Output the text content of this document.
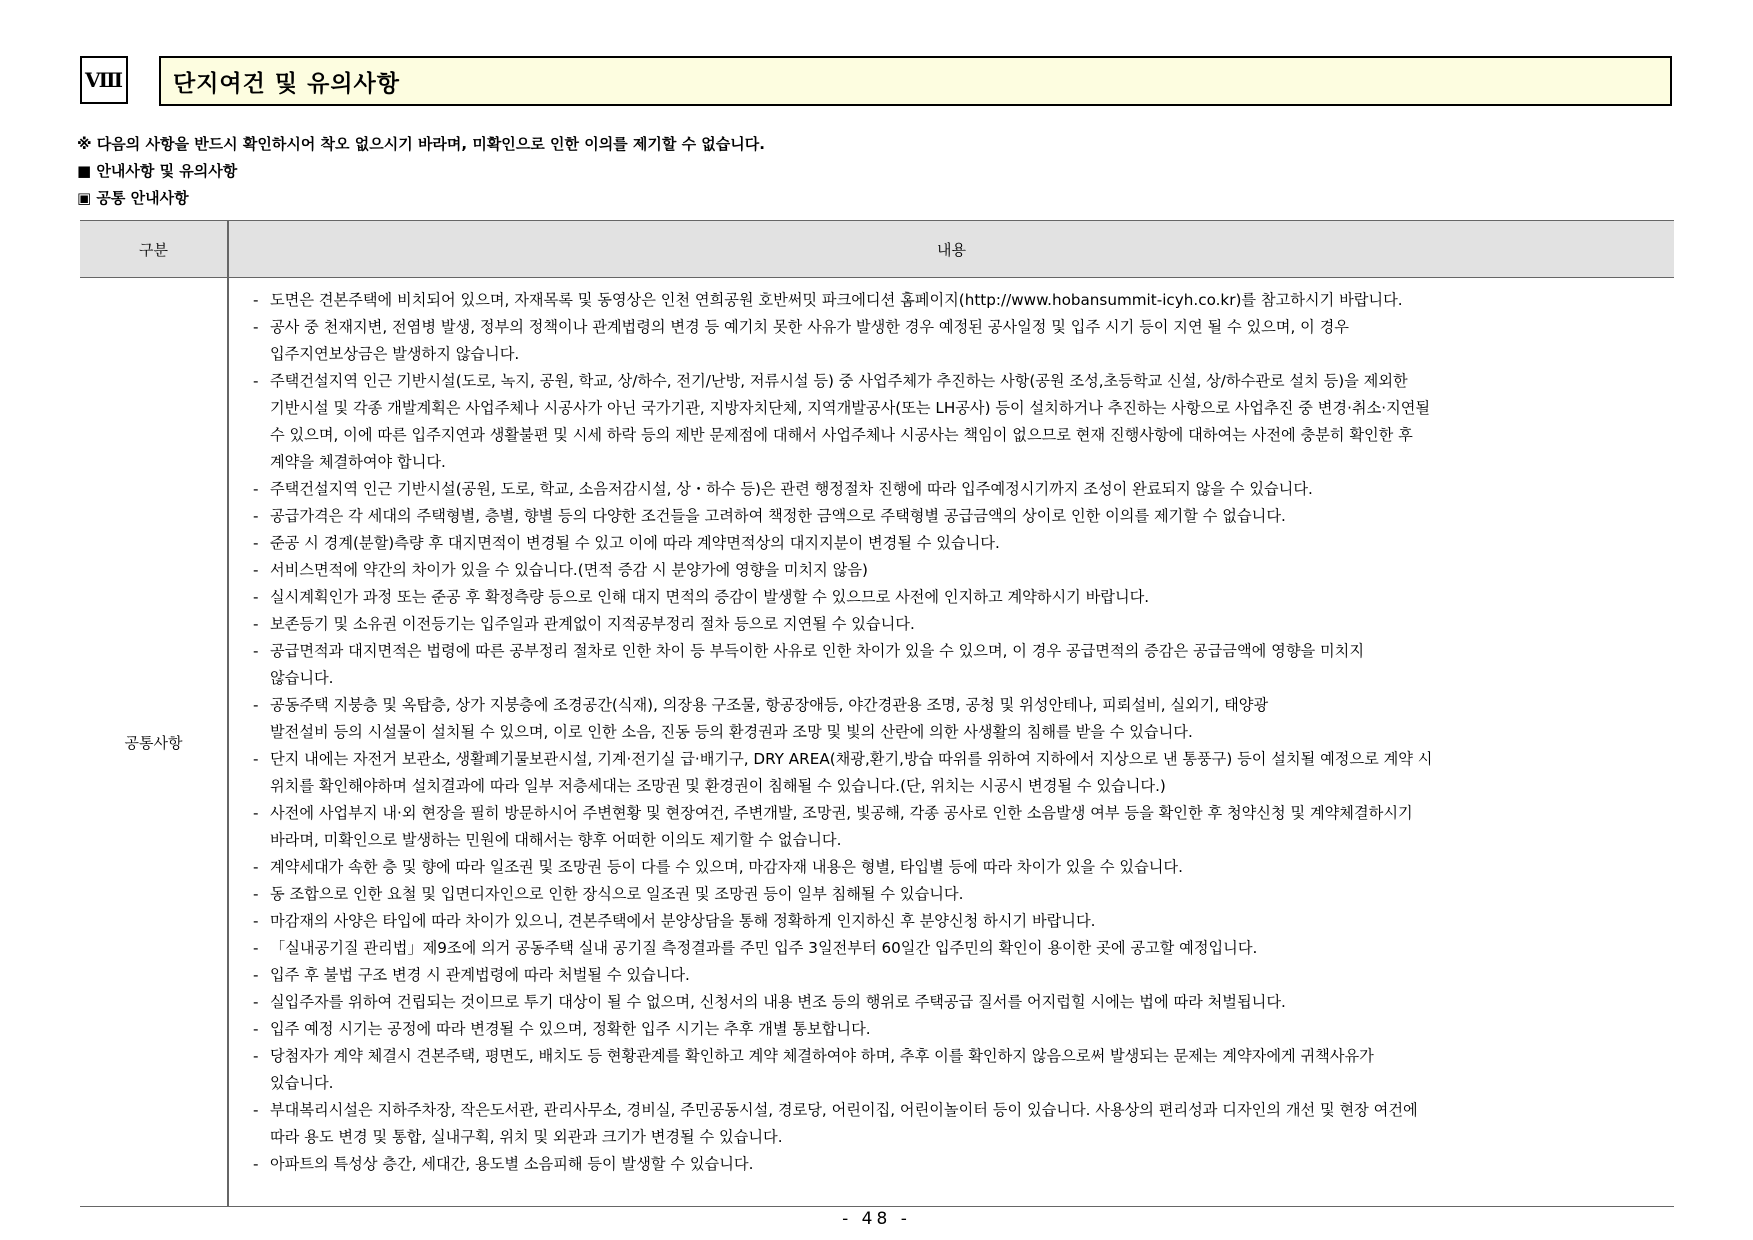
Ⅷ	단지여건 및 유의사항
※ 다음의 사항을 반드시 확인하시어 착오 없으시기 바라며, 미확인으로 인한 이의를 제기할 수 없습니다.
■ 안내사항 및 유의사항
▣ 공통 안내사항
구분	내용
공통사항
- 도면은 견본주택에 비치되어 있으며, 자재목록 및 동영상은 인천 연희공원 호반써밋 파크에디션 홈페이지(http://www.hobansummit-icyh.co.kr)를 참고하시기 바랍니다.
- 공사 중 천재지변, 전염병 발생, 정부의 정책이나 관계법령의 변경 등 예기치 못한 사유가 발생한 경우 예정된 공사일정 및 입주 시기 등이 지연 될 수 있으며, 이 경우
입주지연보상금은 발생하지 않습니다.
- 주택건설지역 인근 기반시설(도로, 녹지, 공원, 학교, 상/하수, 전기/난방, 저류시설 등) 중 사업주체가 추진하는 사항(공원 조성,초등학교 신설, 상/하수관로 설치 등)을 제외한
기반시설 및 각종 개발계획은 사업주체나 시공사가 아닌 국가기관, 지방자치단체, 지역개발공사(또는 LH공사) 등이 설치하거나 추진하는 사항으로 사업추진 중 변경·취소·지연될
수 있으며, 이에 따른 입주지연과 생활불편 및 시세 하락 등의 제반 문제점에 대해서 사업주체나 시공사는 책임이 없으므로 현재 진행사항에 대하여는 사전에 충분히 확인한 후
계약을 체결하여야 합니다.
- 주택건설지역 인근 기반시설(공원, 도로, 학교, 소음저감시설, 상・하수 등)은 관련 행정절차 진행에 따라 입주예정시기까지 조성이 완료되지 않을 수 있습니다.
- 공급가격은 각 세대의 주택형별, 층별, 향별 등의 다양한 조건들을 고려하여 책정한 금액으로 주택형별 공급금액의 상이로 인한 이의를 제기할 수 없습니다.
- 준공 시 경계(분할)측량 후 대지면적이 변경될 수 있고 이에 따라 계약면적상의 대지지분이 변경될 수 있습니다.
- 서비스면적에 약간의 차이가 있을 수 있습니다.(면적 증감 시 분양가에 영향을 미치지 않음)
- 실시계획인가 과정 또는 준공 후 확정측량 등으로 인해 대지 면적의 증감이 발생할 수 있으므로 사전에 인지하고 계약하시기 바랍니다.
- 보존등기 및 소유권 이전등기는 입주일과 관계없이 지적공부정리 절차 등으로 지연될 수 있습니다.
- 공급면적과 대지면적은 법령에 따른 공부정리 절차로 인한 차이 등 부득이한 사유로 인한 차이가 있을 수 있으며, 이 경우 공급면적의 증감은 공급금액에 영향을 미치지
않습니다.
- 공동주택 지붕층 및 옥탑층, 상가 지붕층에 조경공간(식재), 의장용 구조물, 항공장애등, 야간경관용 조명, 공청 및 위성안테나, 피뢰설비, 실외기, 태양광
발전설비 등의 시설물이 설치될 수 있으며, 이로 인한 소음, 진동 등의 환경권과 조망 및 빛의 산란에 의한 사생활의 침해를 받을 수 있습니다.
- 단지 내에는 자전거 보관소, 생활폐기물보관시설, 기계·전기실 급·배기구, DRY AREA(채광,환기,방습 따위를 위하여 지하에서 지상으로 낸 통풍구) 등이 설치될 예정으로 계약 시
위치를 확인해야하며 설치결과에 따라 일부 저층세대는 조망권 및 환경권이 침해될 수 있습니다.(단, 위치는 시공시 변경될 수 있습니다.)
- 사전에 사업부지 내·외 현장을 필히 방문하시어 주변현황 및 현장여건, 주변개발, 조망권, 빛공해, 각종 공사로 인한 소음발생 여부 등을 확인한 후 청약신청 및 계약체결하시기
바라며, 미확인으로 발생하는 민원에 대해서는 향후 어떠한 이의도 제기할 수 없습니다.
- 계약세대가 속한 층 및 향에 따라 일조권 및 조망권 등이 다를 수 있으며, 마감자재 내용은 형별, 타입별 등에 따라 차이가 있을 수 있습니다.
- 동 조합으로 인한 요철 및 입면디자인으로 인한 장식으로 일조권 및 조망권 등이 일부 침해될 수 있습니다.
- 마감재의 사양은 타입에 따라 차이가 있으니, 견본주택에서 분양상담을 통해 정확하게 인지하신 후 분양신청 하시기 바랍니다.
- 「실내공기질 관리법」제9조에 의거 공동주택 실내 공기질 측정결과를 주민 입주 3일전부터 60일간 입주민의 확인이 용이한 곳에 공고할 예정입니다.
- 입주 후 불법 구조 변경 시 관계법령에 따라 처벌될 수 있습니다.
- 실입주자를 위하여 건립되는 것이므로 투기 대상이 될 수 없으며, 신청서의 내용 변조 등의 행위로 주택공급 질서를 어지럽힐 시에는 법에 따라 처벌됩니다.
- 입주 예정 시기는 공정에 따라 변경될 수 있으며, 정확한 입주 시기는 추후 개별 통보합니다.
- 당첨자가 계약 체결시 견본주택, 평면도, 배치도 등 현황관계를 확인하고 계약 체결하여야 하며, 추후 이를 확인하지 않음으로써 발생되는 문제는 계약자에게 귀책사유가
있습니다.
- 부대복리시설은 지하주차장, 작은도서관, 관리사무소, 경비실, 주민공동시설, 경로당, 어린이집, 어린이놀이터 등이 있습니다. 사용상의 편리성과 디자인의 개선 및 현장 여건에
따라 용도 변경 및 통합, 실내구획, 위치 및 외관과 크기가 변경될 수 있습니다.
- 아파트의 특성상 층간, 세대간, 용도별 소음피해 등이 발생할 수 있습니다.
- 48 -
